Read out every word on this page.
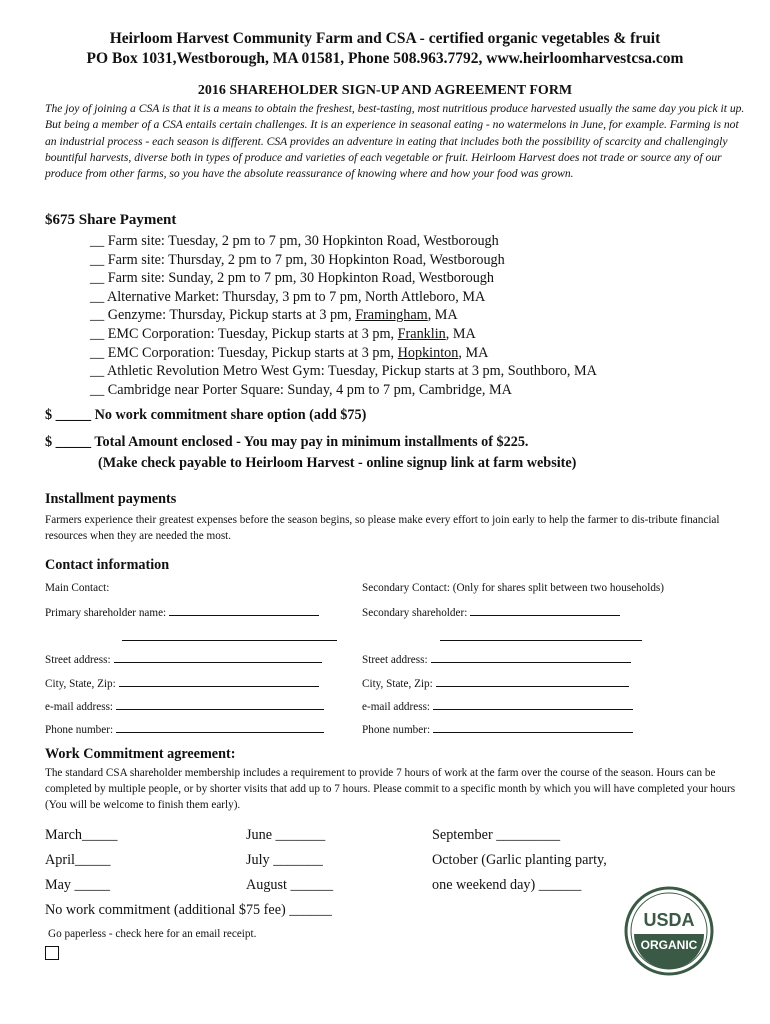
Heirloom Harvest Community Farm and CSA - certified organic vegetables & fruit
PO Box 1031,Westborough, MA 01581, Phone 508.963.7792, www.heirloomharvestcsa.com
2016 SHAREHOLDER SIGN-UP AND AGREEMENT FORM

The joy of joining a CSA is that it is a means to obtain the freshest, best-tasting, most nutritious produce harvested usually the same day you pick it up. But being a member of a CSA entails certain challenges. It is an experience in seasonal eating - no watermelons in June, for example. Farming is not an industrial process - each season is different. CSA provides an adventure in eating that includes both the possibility of scarcity and challengingly bountiful harvests, diverse both in types of produce and varieties of each vegetable or fruit. Heirloom Harvest does not trade or source any of our produce from other farms, so you have the absolute reassurance of knowing where and how your food was grown.

$675 Share Payment
__ Farm site: Tuesday, 2 pm to 7 pm, 30 Hopkinton Road, Westborough
__ Farm site: Thursday, 2 pm to 7 pm, 30 Hopkinton Road, Westborough
__ Farm site: Sunday, 2 pm to 7 pm, 30 Hopkinton Road, Westborough
__ Alternative Market: Thursday, 3 pm to 7 pm, North Attleboro, MA
__ Genzyme: Thursday, Pickup starts at 3 pm, Framingham, MA
__ EMC Corporation: Tuesday, Pickup starts at 3 pm, Franklin, MA
__ EMC Corporation: Tuesday, Pickup starts at 3 pm, Hopkinton, MA
__ Athletic Revolution Metro West Gym: Tuesday, Pickup starts at 3 pm, Southboro, MA
__ Cambridge near Porter Square: Sunday, 4 pm to 7 pm, Cambridge, MA
$ _____ No work commitment share option (add $75)
$ _____ Total Amount enclosed - You may pay in minimum installments of $225.
(Make check payable to Heirloom Harvest - online signup link at farm website)
Installment payments

Farmers experience their greatest expenses before the season begins, so please make every effort to join early to help the farmer to dis-tribute financial resources when they are needed the most.

Contact information
Main Contact:	Secondary Contact: (Only for shares split between two households)
Primary shareholder name:	Secondary shareholder:
Street address:	Street address:
City, State, Zip:	City, State, Zip:
e-mail address:	e-mail address:
Phone number:	Phone number:
Work Commitment agreement:

The standard CSA shareholder membership includes a requirement to provide 7 hours of work at the farm over the course of the season. Hours can be completed by multiple people, or by shorter visits that add up to 7 hours. Please commit to a specific month by which you will have completed your hours (You will be welcome to finish them early).

March_____	June _______	September _________
April_____	July _______	October (Garlic planting party,
May _____	August ______	one weekend day) ______
No work commitment (additional $75 fee) ______
Go paperless - check here for an email receipt.
USDA
ORGANIC
